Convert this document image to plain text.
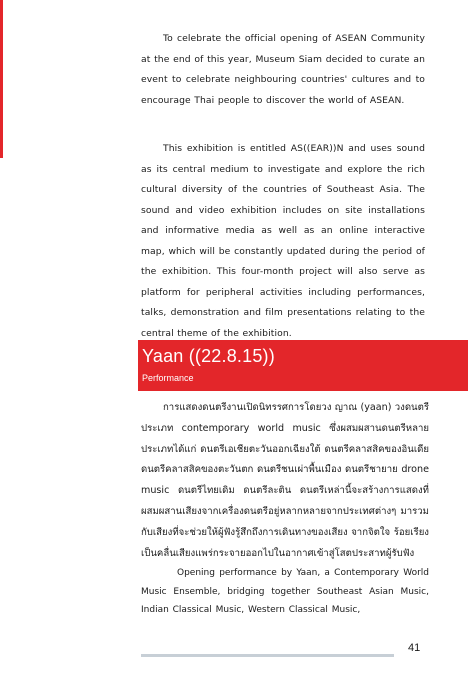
To celebrate the official opening of ASEAN Community at the end of this year, Museum Siam decided to curate an event to celebrate neighbouring countries' cultures and to encourage Thai people to discover the world of ASEAN.

This exhibition is entitled AS((EAR))N and uses sound as its central medium to investigate and explore the rich cultural diversity of the countries of Southeast Asia. The sound and video exhibition includes on site installations and informative media as well as an online interactive map, which will be constantly updated during the period of the exhibition. This four-month project will also serve as platform for peripheral activities including performances, talks, demonstration and film presentations relating to the central theme of the exhibition.

Yaan ((22.8.15))
Performance

การแสดงดนตรีงานเปิดนิทรรศการโดยวง ญาณ (yaan) วงดนตรีประเภท contemporary world music ซึ่งผสมผสานดนตรีหลายประเภทได้แก่ ดนตรีเอเชียตะวันออกเฉียงใต้ ดนตรีคลาสสิคของอินเดีย ดนตรีคลาสสิคของตะวันตก ดนตรีชนเผ่าพื้นเมือง ดนตรีชายาย drone music ดนตรีไทยเดิม ดนตรีละติน ดนตรีเหล่านี้จะสร้างการแสดงที่ผสมผสานเสียงจากเครื่องดนตรีอยู่หลากหลายจากประเทศต่างๆ มารวมกับเสียงที่จะช่วยให้ผู้ฟังรู้สึกถึงการเดินทางของเสียง จากจิตใจ ร้อยเรียงเป็นคลื่นเสียงแพร่กระจายออกไปในอากาศเข้าสู่โสตประสาทผู้รับฟัง

Opening performance by Yaan, a Contemporary World Music Ensemble, bridging together Southeast Asian Music, Indian Classical Music, Western Classical Music,

41
